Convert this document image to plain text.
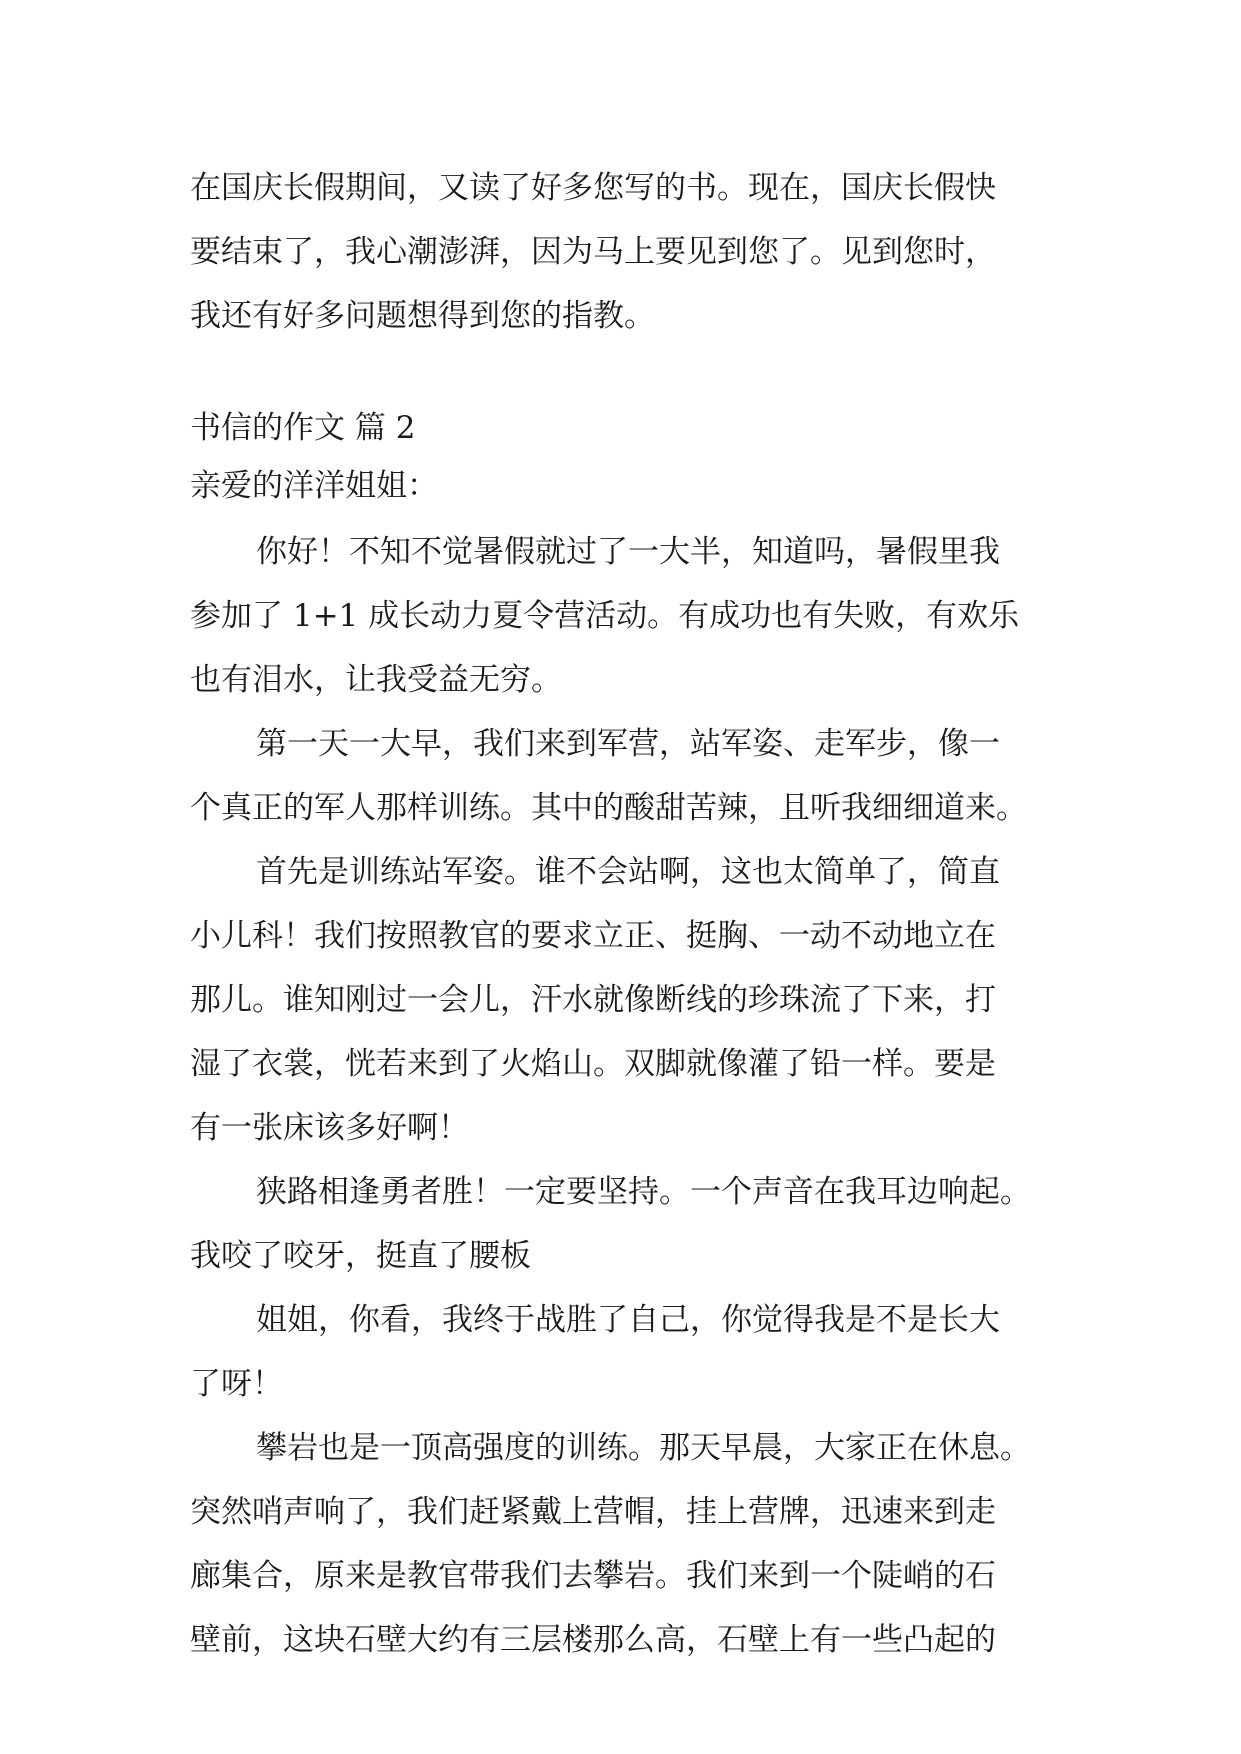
在国庆长假期间，又读了好多您写的书。现在，国庆长假快
要结束了，我心潮澎湃，因为马上要见到您了。见到您时，
我还有好多问题想得到您的指教。
书信的作文 篇 2
亲爱的洋洋姐姐：
你好！不知不觉暑假就过了一大半，知道吗，暑假里我
参加了 1+1 成长动力夏令营活动。有成功也有失败，有欢乐
也有泪水，让我受益无穷。
第一天一大早，我们来到军营，站军姿、走军步，像一
个真正的军人那样训练。其中的酸甜苦辣，且听我细细道来。
首先是训练站军姿。谁不会站啊，这也太简单了，简直
小儿科！我们按照教官的要求立正、挺胸、一动不动地立在
那儿。谁知刚过一会儿，汗水就像断线的珍珠流了下来，打
湿了衣裳，恍若来到了火焰山。双脚就像灌了铅一样。要是
有一张床该多好啊！
狭路相逢勇者胜！一定要坚持。一个声音在我耳边响起。
我咬了咬牙，挺直了腰板
姐姐，你看，我终于战胜了自己，你觉得我是不是长大
了呀！
攀岩也是一顶高强度的训练。那天早晨，大家正在休息。
突然哨声响了，我们赶紧戴上营帽，挂上营牌，迅速来到走
廊集合，原来是教官带我们去攀岩。我们来到一个陡峭的石
壁前，这块石壁大约有三层楼那么高，石壁上有一些凸起的
